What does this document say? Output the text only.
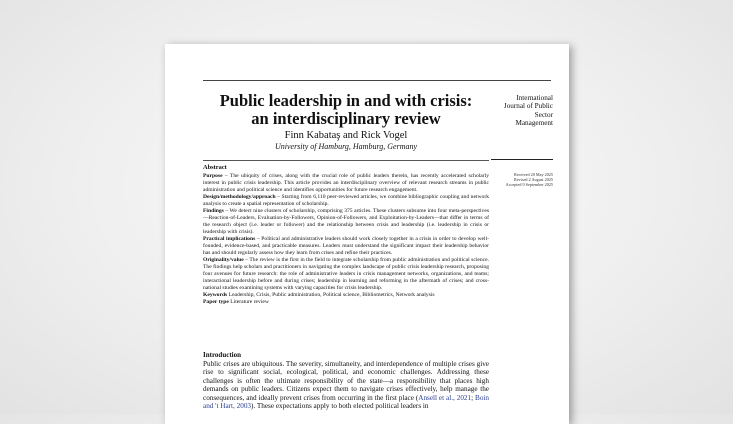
Public leadership in and with crisis:
an interdisciplinary review
Finn Kabataş and Rick Vogel
University of Hamburg, Hamburg, Germany
International
Journal of Public
Sector
Management
Received 20 May 2025
Revised 2 August 2025
Accepted 9 September 2025
Abstract

Purpose – The ubiquity of crises, along with the crucial role of public leaders therein, has recently accelerated scholarly interest in public crisis leadership. This article provides an interdisciplinary overview of relevant research streams in public administration and political science and identifies opportunities for future research engagement.

Design/methodology/approach – Starting from 6,110 peer-reviewed articles, we combine bibliographic coupling and network analysis to create a spatial representation of scholarship.

Findings – We detect nine clusters of scholarship, comprising 375 articles. These clusters subsume into four meta-perspectives—Reaction-of-Leaders, Evaluation-by-Followers, Opinion-of-Followers, and Exploitation-by-Leaders—that differ in terms of the research object (i.e. leader or follower) and the relationship between crisis and leadership (i.e. leadership in crisis or leadership with crisis).

Practical implications – Political and administrative leaders should work closely together in a crisis in order to develop well-founded, evidence-based, and practicable measures. Leaders must understand the significant impact their leadership behavior has and should regularly assess how they learn from crises and refine their practices.

Originality/value – The review is the first in the field to integrate scholarship from public administration and political science. The findings help scholars and practitioners in navigating the complex landscape of public crisis leadership research, proposing four avenues for future research: the role of administrative leaders in crisis management networks, organizations, and teams; interactional leadership before and during crises; leadership in learning and reforming in the aftermath of crises; and cross-national studies examining systems with varying capacities for crisis leadership.

Keywords Leadership, Crisis, Public administration, Political science, Bibliometrics, Network analysis

Paper type Literature review

Introduction

Public crises are ubiquitous. The severity, simultaneity, and interdependence of multiple crises give rise to significant social, ecological, political, and economic challenges. Addressing these challenges is often the ultimate responsibility of the state—a responsibility that places high demands on public leaders. Citizens expect them to navigate crises effectively, help manage the consequences, and ideally prevent crises from occurring in the first place (Ansell et al., 2021; Boin and 't Hart, 2003). These expectations apply to both elected political leaders in
